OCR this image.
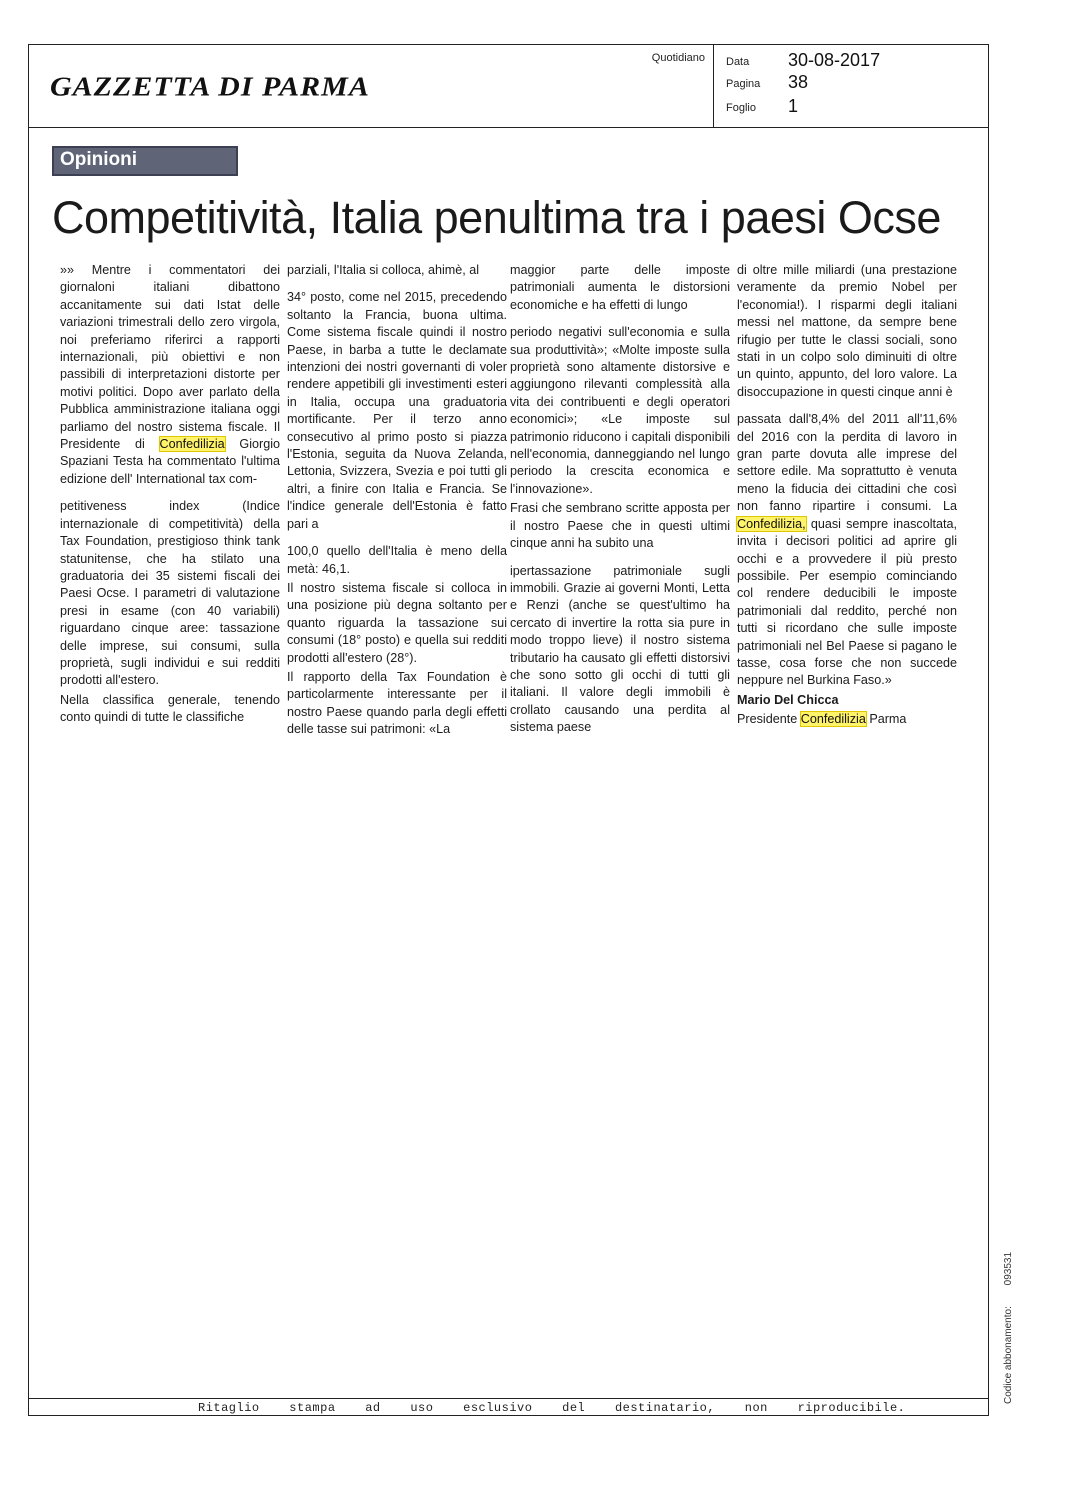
GAZZETTA DI PARMA
Quotidiano Data 30-08-2017
Pagina 38
Foglio 1
Opinioni
Competitività, Italia penultima tra i paesi Ocse

»» Mentre i commentatori dei giornaloni italiani dibattono accanitamente sui dati Istat delle variazioni trimestrali dello zero virgola, noi preferiamo riferirci a rapporti internazionali, più obiettivi e non passibili di interpretazioni distorte per motivi politici. Dopo aver parlato della Pubblica amministrazione italiana oggi parliamo del nostro sistema fiscale. Il Presidente di Confedilizia Giorgio Spaziani Testa ha commentato l'ultima edizione dell' International tax com-

petitiveness index (Indice internazionale di competitività) della Tax Foundation, prestigioso think tank statunitense, che ha stilato una graduatoria dei 35 sistemi fiscali dei Paesi Ocse. I parametri di valutazione presi in esame (con 40 variabili) riguardano cinque aree: tassazione delle imprese, sui consumi, sulla proprietà, sugli individui e sui redditi prodotti all'estero.

Nella classifica generale, tenendo conto quindi di tutte le classifiche

parziali, l'Italia si colloca, ahimè, al

34° posto, come nel 2015, precedendo soltanto la Francia, buona ultima. Come sistema fiscale quindi il nostro Paese, in barba a tutte le declamate intenzioni dei nostri governanti di voler rendere appetibili gli investimenti esteri in Italia, occupa una graduatoria mortificante. Per il terzo anno consecutivo al primo posto si piazza l'Estonia, seguita da Nuova Zelanda, Lettonia, Svizzera, Svezia e poi tutti gli altri, a finire con Italia e Francia. Se l'indice generale dell'Estonia è fatto pari a

100,0 quello dell'Italia è meno della metà: 46,1.

Il nostro sistema fiscale si colloca in una posizione più degna soltanto per quanto riguarda la tassazione sui consumi (18° posto) e quella sui redditi prodotti all'estero (28°).

Il rapporto della Tax Foundation è particolarmente interessante per il nostro Paese quando parla degli effetti delle tasse sui patrimoni: «La

maggior parte delle imposte patrimoniali aumenta le distorsioni economiche e ha effetti di lungo

periodo negativi sull'economia e sulla sua produttività»; «Molte imposte sulla proprietà sono altamente distorsive e aggiungono rilevanti complessità alla vita dei contribuenti e degli operatori economici»; «Le imposte sul patrimonio riducono i capitali disponibili nell'economia, danneggiando nel lungo periodo la crescita economica e l'innovazione».

Frasi che sembrano scritte apposta per il nostro Paese che in questi ultimi cinque anni ha subito una

ipertassazione patrimoniale sugli immobili. Grazie ai governi Monti, Letta e Renzi (anche se quest'ultimo ha cercato di invertire la rotta sia pure in modo troppo lieve) il nostro sistema tributario ha causato gli effetti distorsivi che sono sotto gli occhi di tutti gli italiani. Il valore degli immobili è crollato causando una perdita al sistema paese

di oltre mille miliardi (una prestazione veramente da premio Nobel per l'economia!). I risparmi degli italiani messi nel mattone, da sempre bene rifugio per tutte le classi sociali, sono stati in un colpo solo diminuiti di oltre un quinto, appunto, del loro valore. La disoccupazione in questi cinque anni è

passata dall'8,4% del 2011 all'11,6% del 2016 con la perdita di lavoro in gran parte dovuta alle imprese del settore edile. Ma soprattutto è venuta meno la fiducia dei cittadini che così non fanno ripartire i consumi. La Confedilizia, quasi sempre inascoltata, invita i decisori politici ad aprire gli occhi e a provvedere il più presto possibile. Per esempio cominciando col rendere deducibili le imposte patrimoniali dal reddito, perché non tutti si ricordano che sulle imposte patrimoniali nel Bel Paese si pagano le tasse, cosa forse che non succede neppure nel Burkina Faso.»

Mario Del Chicca

Presidente Confedilizia Parma

Ritaglio stampa ad uso esclusivo del destinatario, non riproducibile.
Codice abbonamento: 093531
